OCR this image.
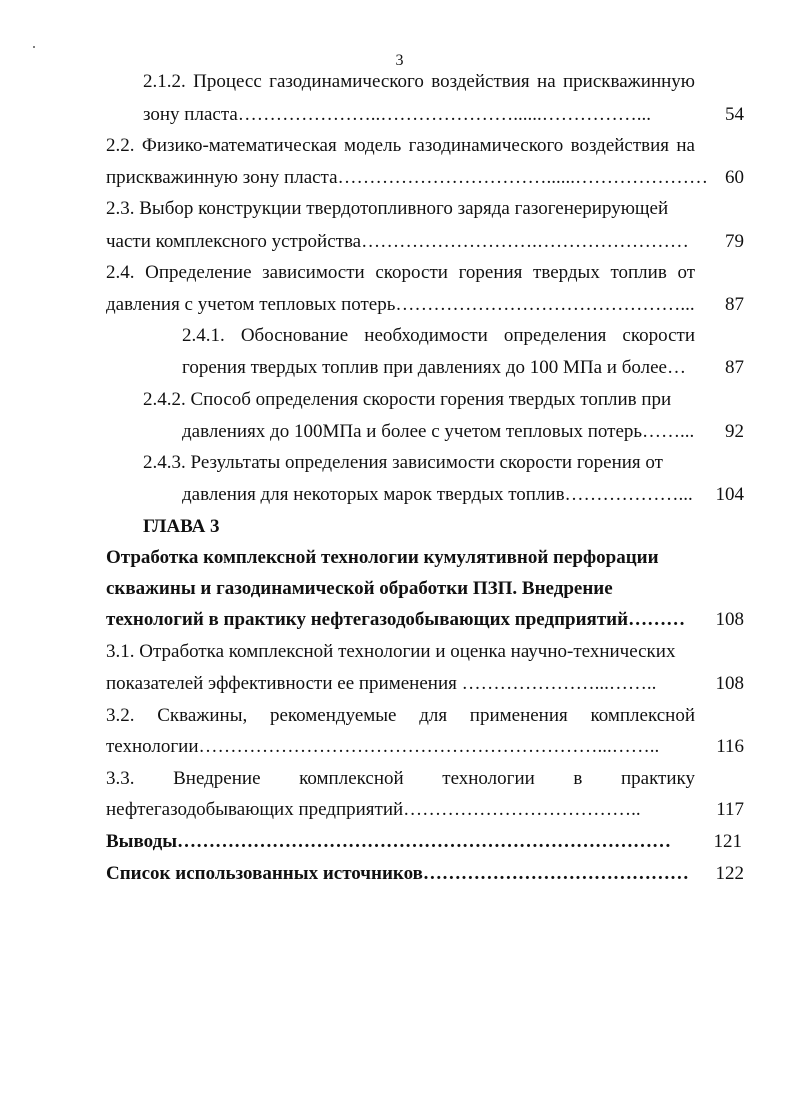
3
2.1.2. Процесс газодинамического воздействия на прискважинную
зону пласта…………………..…………………......……………...	54
2.2. Физико-математическая модель газодинамического воздействия на
прискважинную зону пласта……………………………......………………… 60
2.3. Выбор конструкции твердотопливного заряда газогенерирующей
части комплексного устройства……………………….…………………… 79
2.4. Определение зависимости скорости горения твердых топлив от
давления с учетом тепловых потерь………………………………………... 87
2.4.1. Обоснование необходимости определения скорости
горения твердых топлив при давлениях до 100 МПа и более… 87
2.4.2. Способ определения скорости горения твердых топлив при
давлениях до 100МПа и более с учетом тепловых потерь……... 92
2.4.3. Результаты определения зависимости скорости горения от
давления для некоторых марок твердых топлив………………... 104
ГЛАВА 3
Отработка комплексной технологии кумулятивной перфорации
скважины и газодинамической обработки ПЗП. Внедрение
технологий в практику нефтегазодобывающих предприятий……… 108
3.1. Отработка комплексной технологии и оценка научно-технических
показателей эффективности ее применения …………………...……..	108
3.2. Скважины, рекомендуемые для применения комплексной
технологии………………………………………………………...……..	116
3.3. Внедрение комплексной технологии в практику
нефтегазодобывающих предприятий………………………………..	117
Выводы…………………………………………………………………… 121
Список использованных источников…………………………………… 122
